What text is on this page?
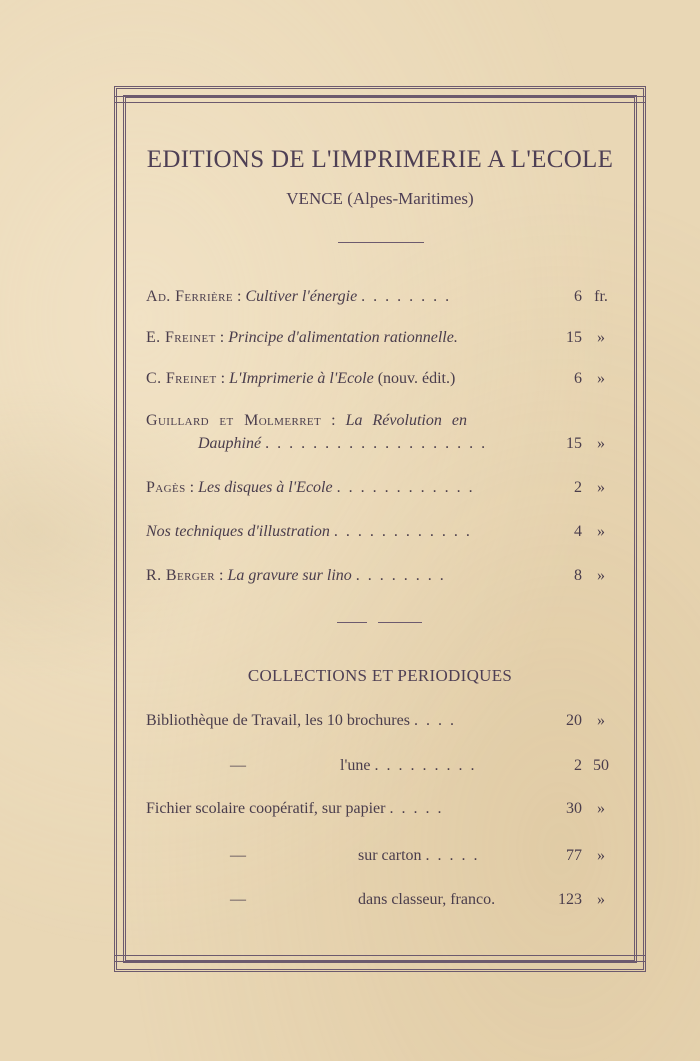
EDITIONS DE L'IMPRIMERIE A L'ECOLE
VENCE (Alpes-Maritimes)
Ad. Ferrière : Cultiver l'énergie . . . . . . . .	6 fr.
E. Freinet : Principe d'alimentation rationnelle.	15 »
C. Freinet : L'Imprimerie à l'Ecole (nouv. édit.)	6 »
Guillard et Molmerret : La Révolution en
Dauphiné . . . . . . . . . . . . . . . . . . .	15 »
Pagès : Les disques à l'Ecole . . . . . . . . . . . .	2 »
Nos techniques d'illustration . . . . . . . . . . . .	4 »
R. Berger : La gravure sur lino . . . . . . . .	8 »
COLLECTIONS ET PERIODIQUES
Bibliothèque de Travail, les 10 brochures . . . .	20 »
—	l'une . . . . . . . . .	2 50
Fichier scolaire coopératif, sur papier . . . . .	30 »
—	sur carton . . . . .	77 »
—	dans classeur, franco.	123 »
